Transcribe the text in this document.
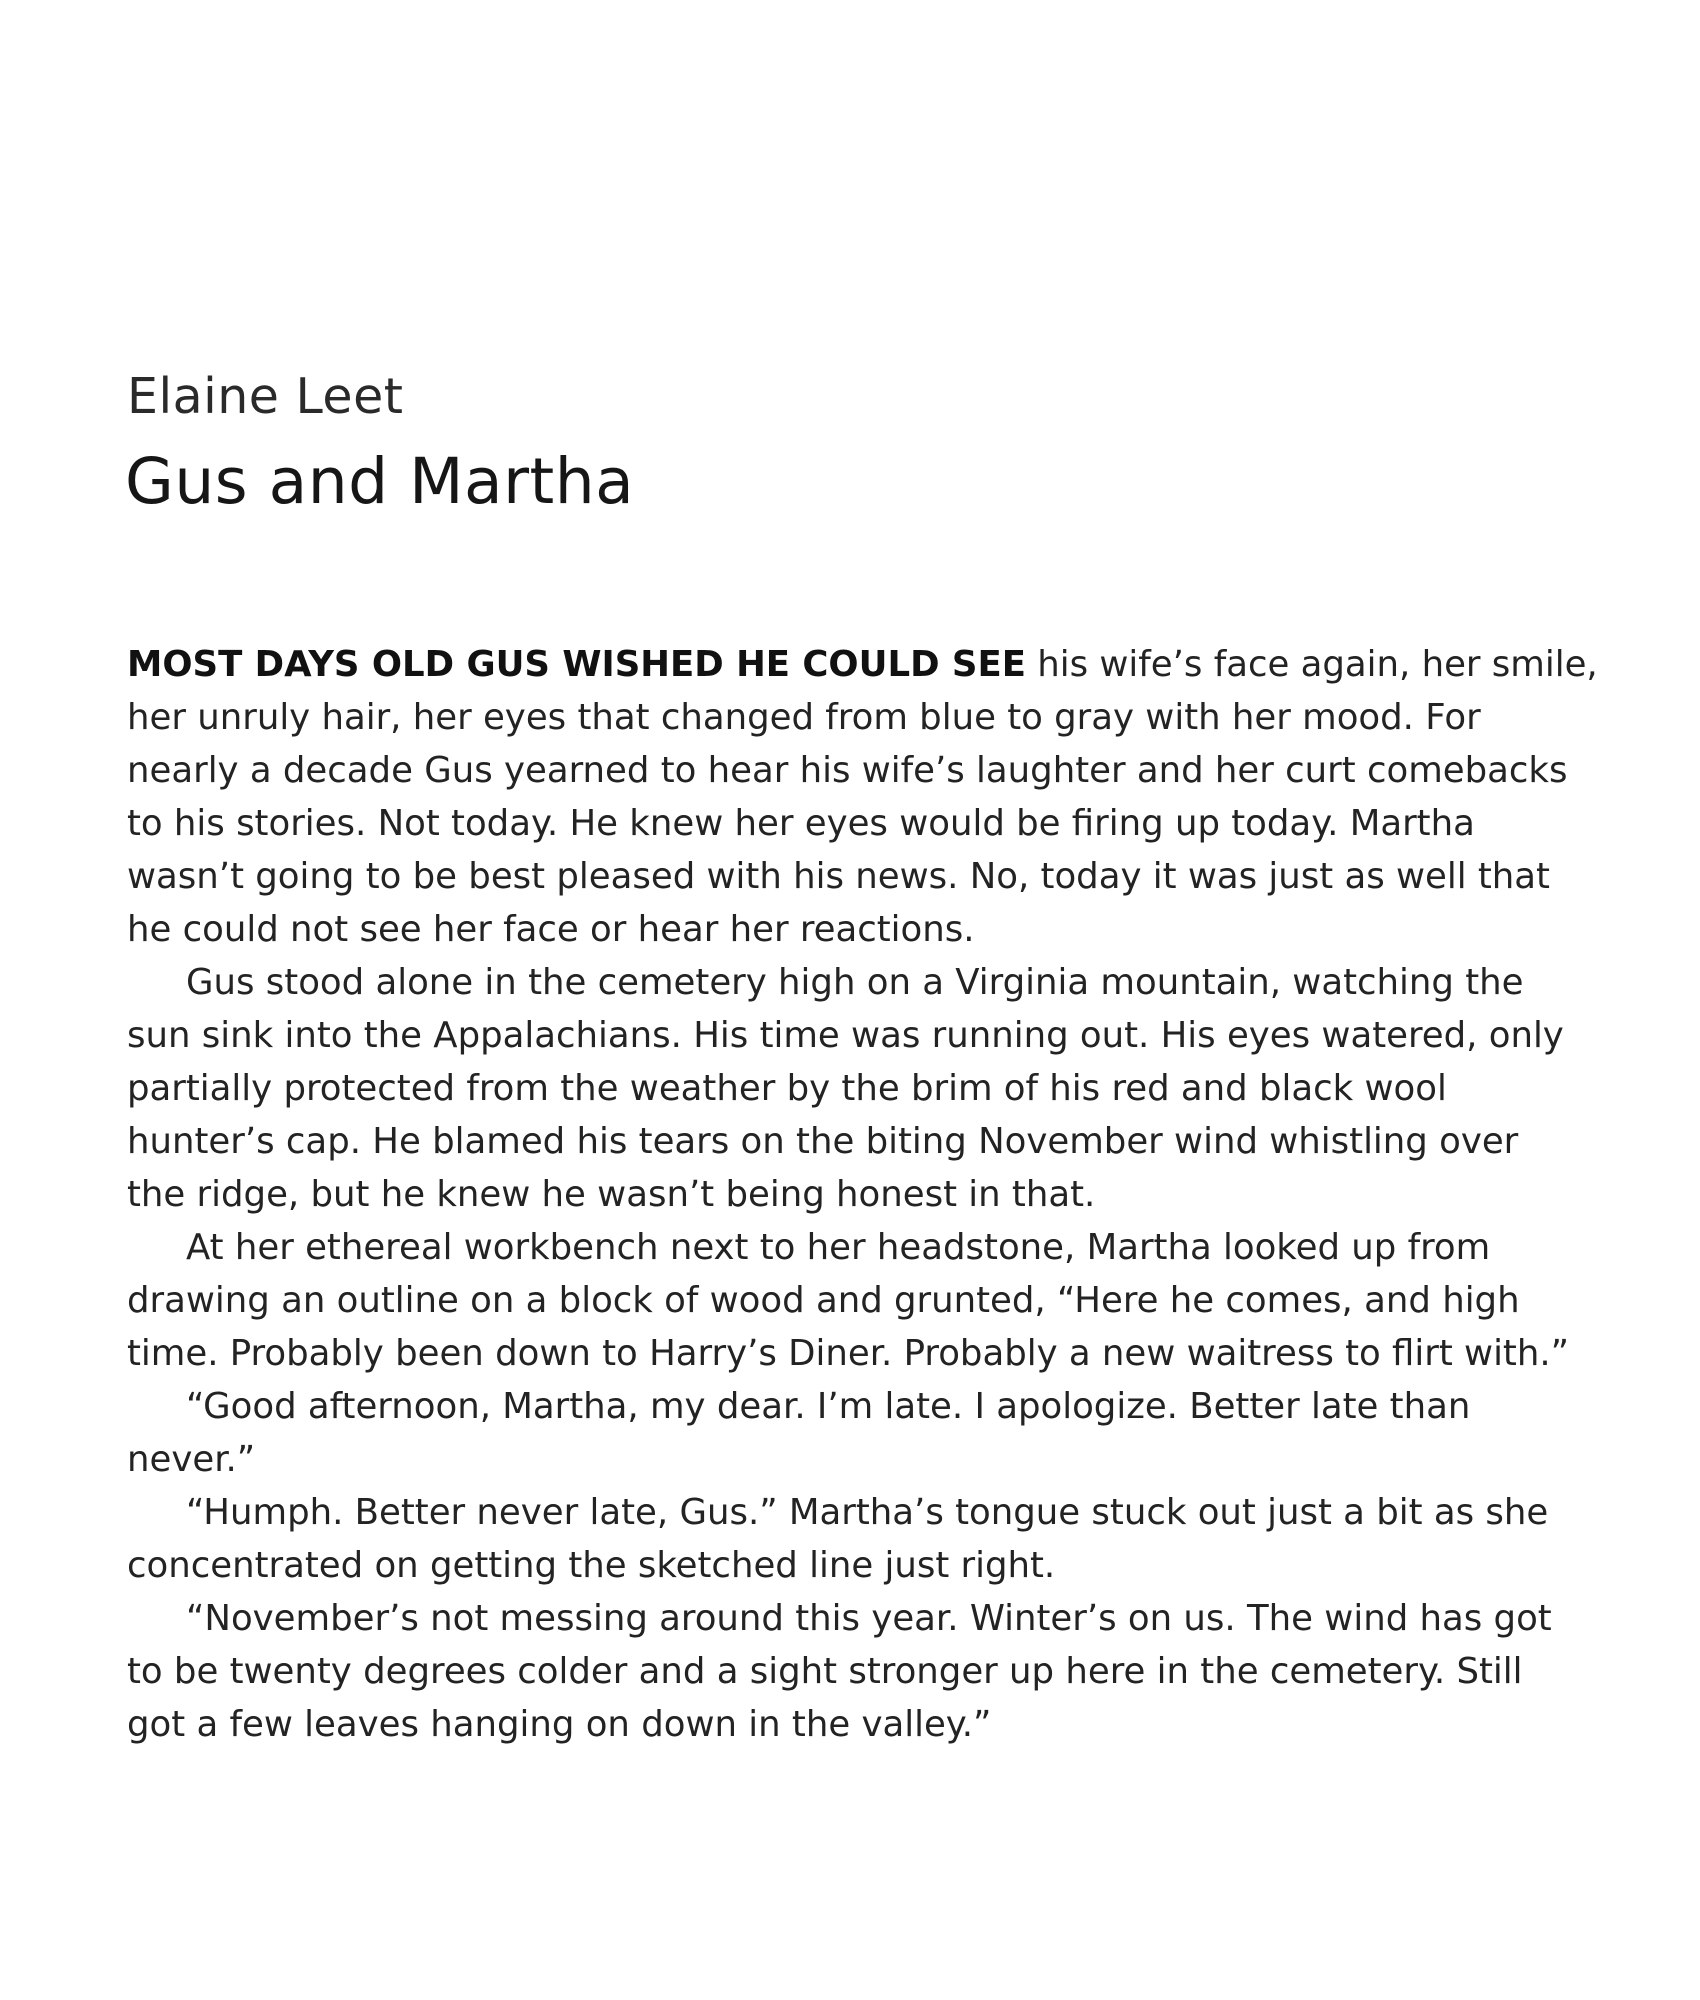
Elaine Leet
Gus and Martha
MOST DAYS OLD GUS WISHED HE COULD SEE his wife’s face again, her smile,
her unruly hair, her eyes that changed from blue to gray with her mood. For
nearly a decade Gus yearned to hear his wife’s laughter and her curt comebacks
to his stories. Not today. He knew her eyes would be firing up today. Martha
wasn’t going to be best pleased with his news. No, today it was just as well that
he could not see her face or hear her reactions.
Gus stood alone in the cemetery high on a Virginia mountain, watching the
sun sink into the Appalachians. His time was running out. His eyes watered, only
partially protected from the weather by the brim of his red and black wool
hunter’s cap. He blamed his tears on the biting November wind whistling over
the ridge, but he knew he wasn’t being honest in that.
At her ethereal workbench next to her headstone, Martha looked up from
drawing an outline on a block of wood and grunted, “Here he comes, and high
time. Probably been down to Harry’s Diner. Probably a new waitress to flirt with.”
“Good afternoon, Martha, my dear. I’m late. I apologize. Better late than
never.”
“Humph. Better never late, Gus.” Martha’s tongue stuck out just a bit as she
concentrated on getting the sketched line just right.
“November’s not messing around this year. Winter’s on us. The wind has got
to be twenty degrees colder and a sight stronger up here in the cemetery. Still
got a few leaves hanging on down in the valley.”
